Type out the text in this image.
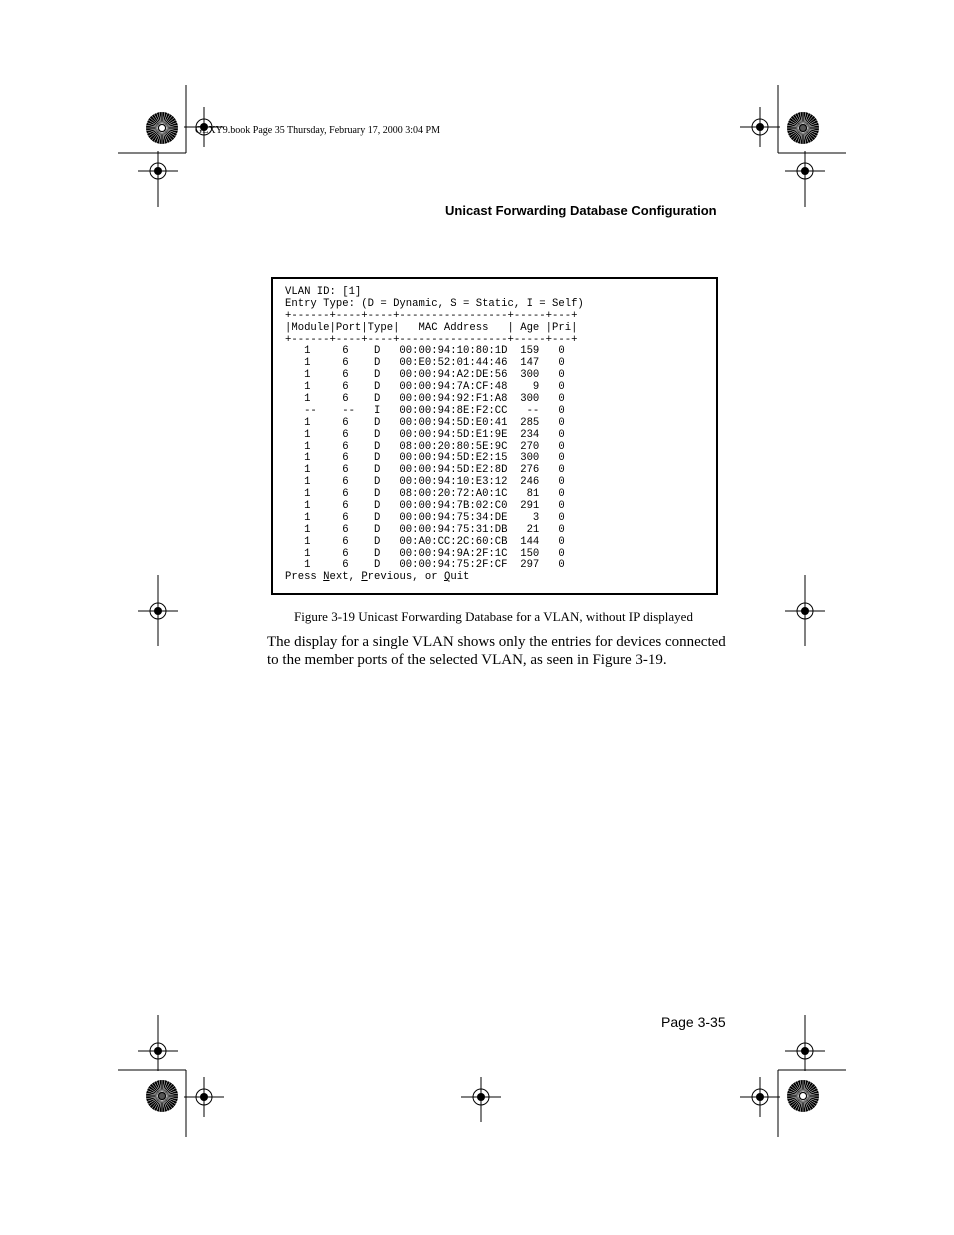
GLXY9.book Page 35 Thursday, February 17, 2000 3:04 PM
Unicast Forwarding Database Configuration
VLAN ID: [1]
Entry Type: (D = Dynamic, S = Static, I = Self)
+------+----+----+-----------------+-----+---+
|Module|Port|Type|   MAC Address   | Age |Pri|
+------+----+----+-----------------+-----+---+
1     6    D   00:00:94:10:80:1D  159   0
1     6    D   00:E0:52:01:44:46  147   0
1     6    D   00:00:94:A2:DE:56  300   0
1     6    D   00:00:94:7A:CF:48    9   0
1     6    D   00:00:94:92:F1:A8  300   0
--    --   I   00:00:94:8E:F2:CC   --   0
1     6    D   00:00:94:5D:E0:41  285   0
1     6    D   00:00:94:5D:E1:9E  234   0
1     6    D   08:00:20:80:5E:9C  270   0
1     6    D   00:00:94:5D:E2:15  300   0
1     6    D   00:00:94:5D:E2:8D  276   0
1     6    D   00:00:94:10:E3:12  246   0
1     6    D   08:00:20:72:A0:1C   81   0
1     6    D   00:00:94:7B:02:C0  291   0
1     6    D   00:00:94:75:34:DE    3   0
1     6    D   00:00:94:75:31:DB   21   0
1     6    D   00:A0:CC:2C:60:CB  144   0
1     6    D   00:00:94:9A:2F:1C  150   0
1     6    D   00:00:94:75:2F:CF  297   0
Press Next, Previous, or Quit
Figure 3-19 Unicast Forwarding Database for a VLAN, without IP displayed
The display for a single VLAN shows only the entries for devices connected to the member ports of the selected VLAN, as seen in Figure 3-19.
Page 3-35
